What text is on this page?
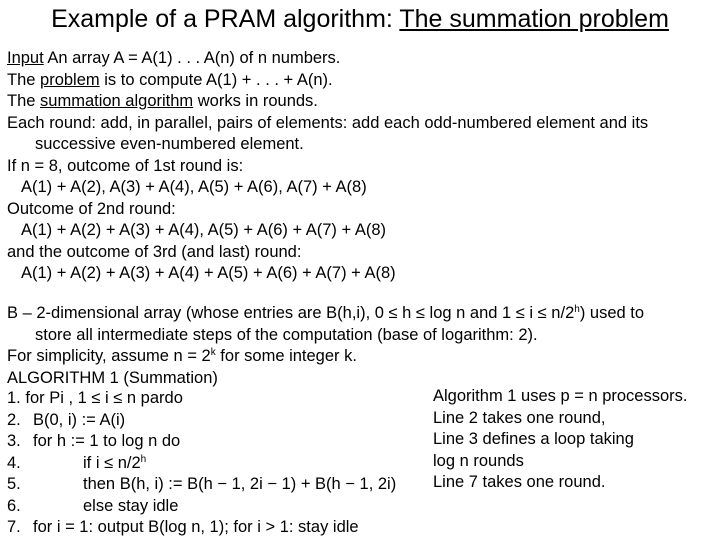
Example of a PRAM algorithm: The summation problem
Input An array A = A(1) . . . A(n) of n numbers.
The problem is to compute A(1) + . . . + A(n).
The summation algorithm works in rounds.
Each round: add, in parallel, pairs of elements: add each odd-numbered element and its
successive even-numbered element.
If n = 8, outcome of 1st round is:
A(1) + A(2), A(3) + A(4), A(5) + A(6), A(7) + A(8)
Outcome of 2nd round:
A(1) + A(2) + A(3) + A(4), A(5) + A(6) + A(7) + A(8)
and the outcome of 3rd (and last) round:
A(1) + A(2) + A(3) + A(4) + A(5) + A(6) + A(7) + A(8)
B – 2-dimensional array (whose entries are B(h,i), 0 ≤ h ≤ log n and $1 \le i \le n/2^h$) used to
store all intermediate steps of the computation (base of logarithm: 2).
For simplicity, assume $n = 2^k$ for some integer k.
ALGORITHM 1 (Summation)
1. for Pi , 1 ≤ i ≤ n pardo
2. B(0, i) := A(i)
3. for h := 1 to log n do
4.	if $i \le n/2^h$
5.	then B(h, i) := B(h − 1, 2i − 1) + B(h − 1, 2i)
6.	else stay idle
7. for i = 1: output B(log n, 1); for i > 1: stay idle
Algorithm 1 uses p = n processors.
Line 2 takes one round,
Line 3 defines a loop taking
log n rounds
Line 7 takes one round.
